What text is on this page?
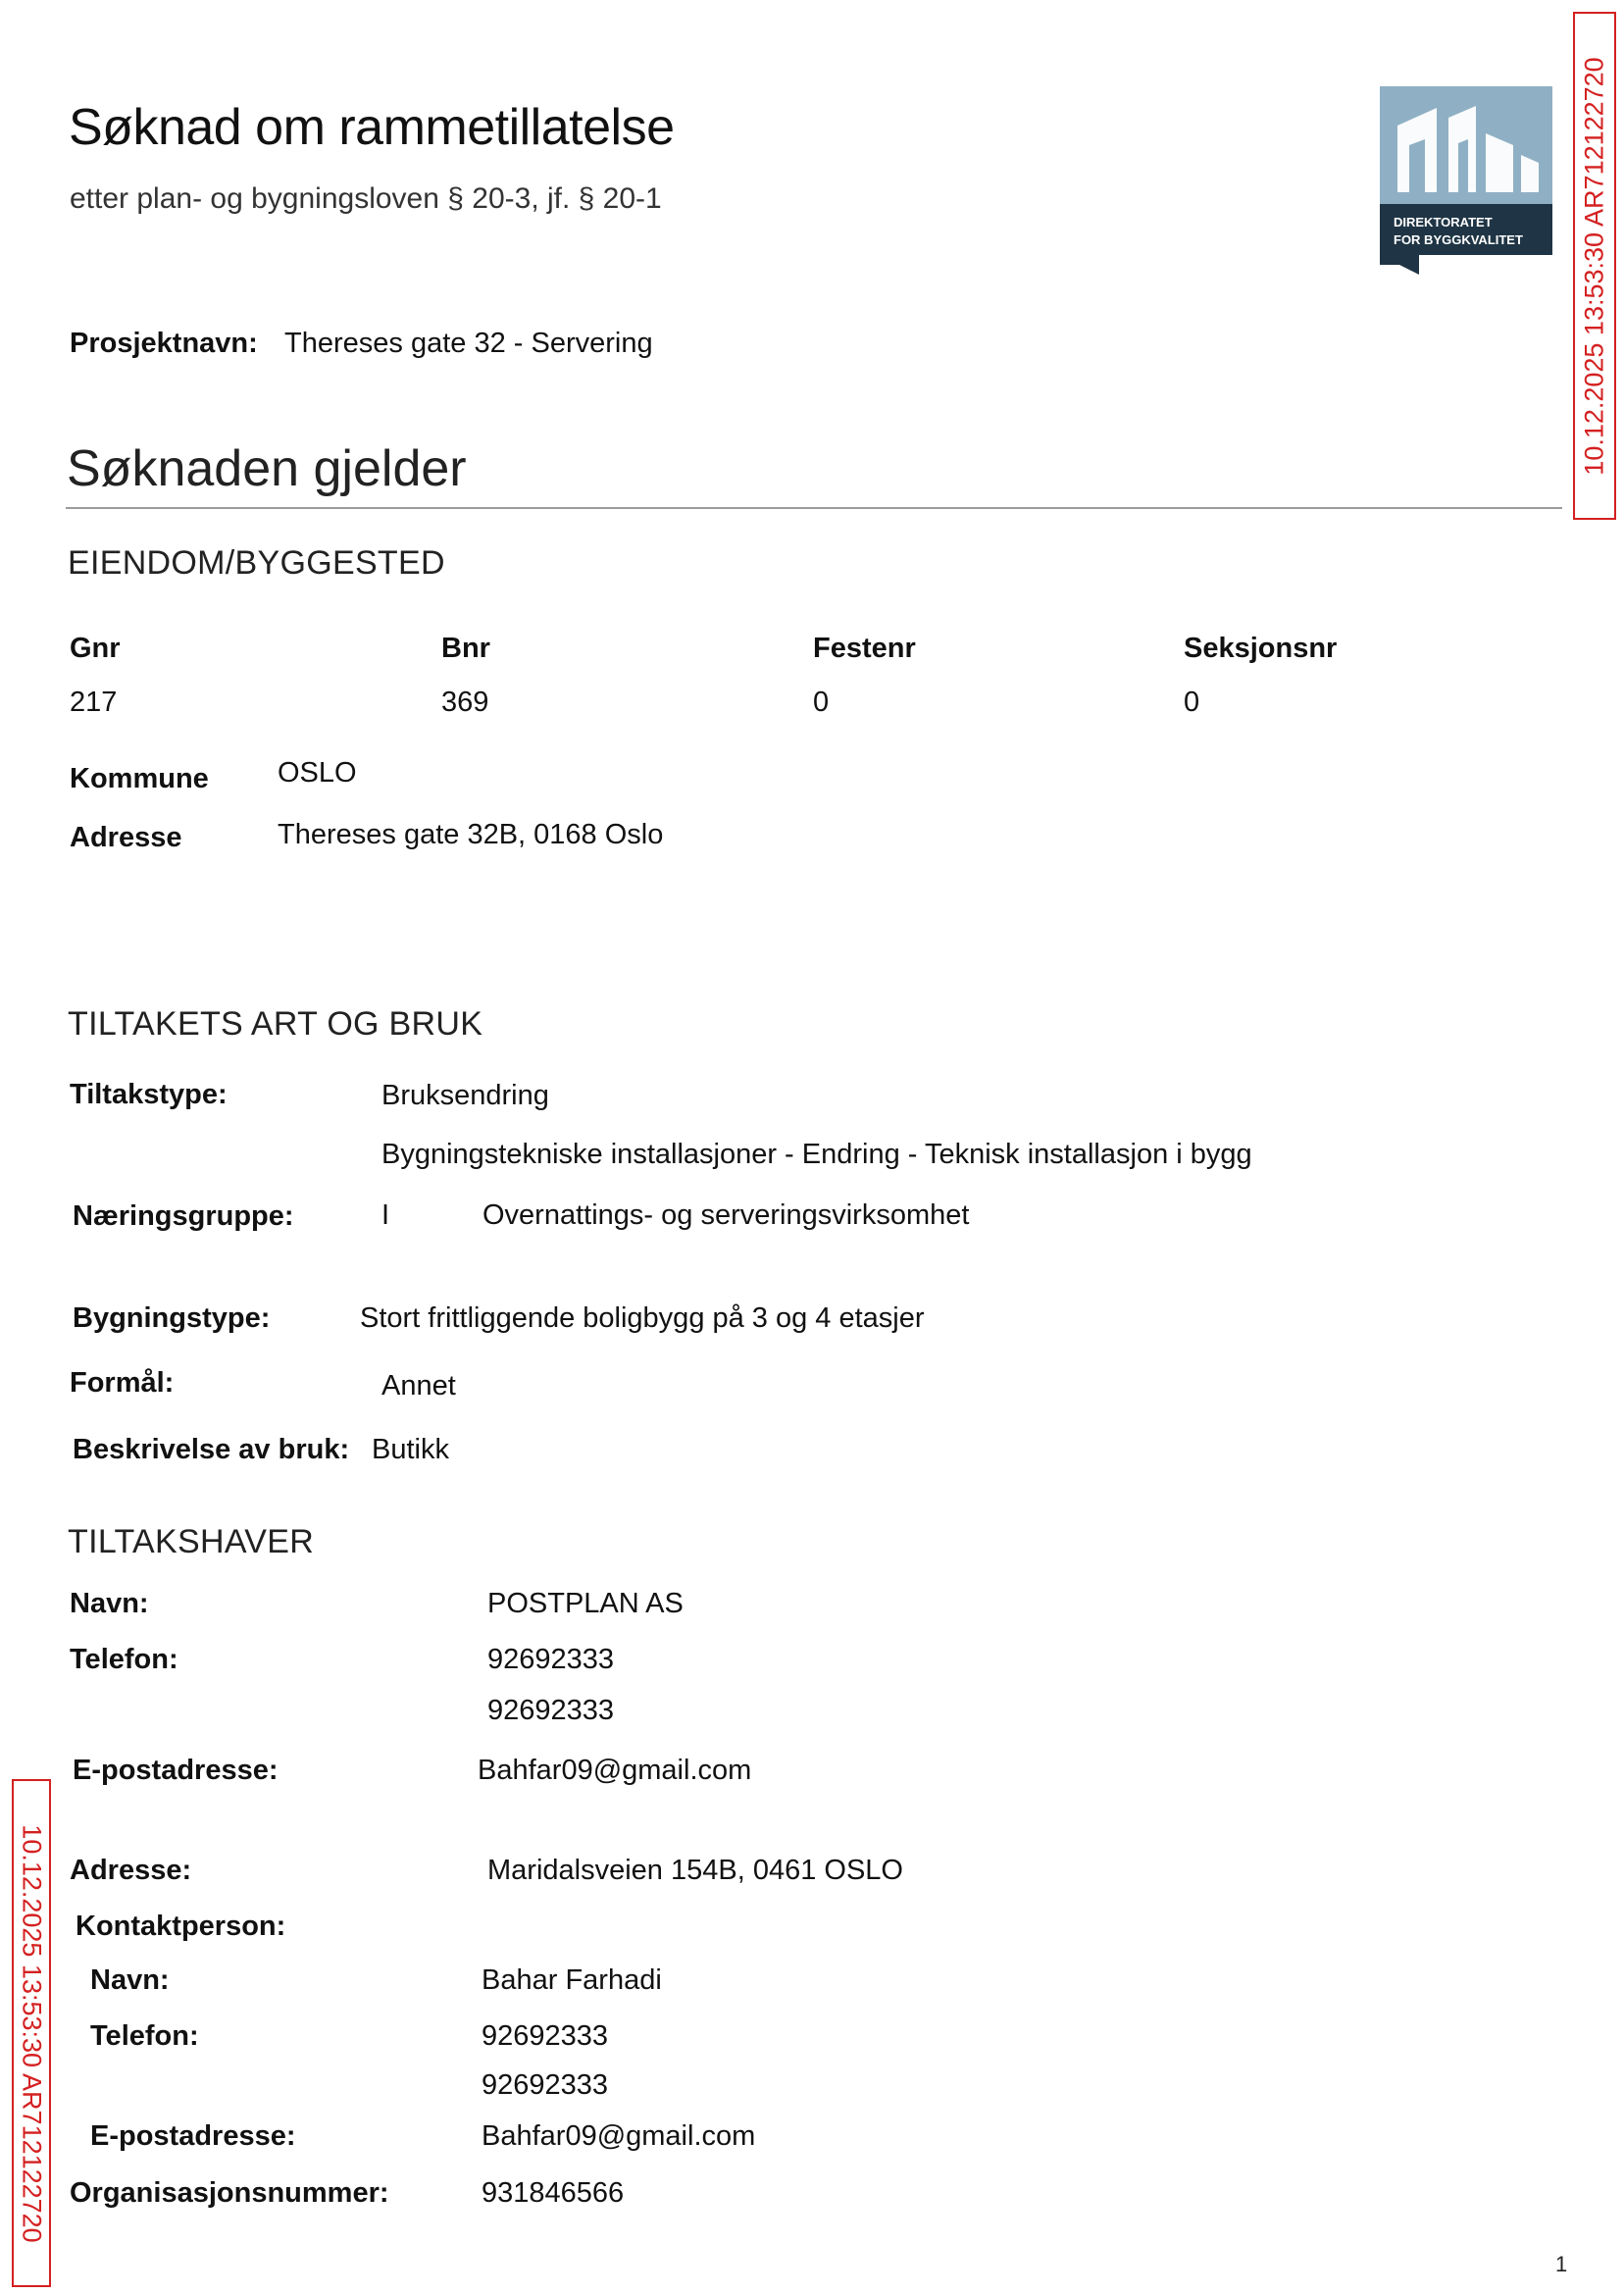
Søknad om rammetillatelse
etter plan- og bygningsloven § 20-3, jf. § 20-1
Prosjektnavn: Thereses gate 32 - Servering
DIREKTORATET
FOR BYGGKVALITET 10.12.2025 13:53:30 AR712122720
10.12.2025 13:53:30 AR712122720
Søknaden gjelder
EIENDOM/BYGGESTED
Gnr	Bnr	Festenr	Seksjonsnr
217	369	0	0
Kommune OSLO
Adresse	Thereses gate 32B, 0168 Oslo
TILTAKETS ART OG BRUK
Tiltakstype:	Bruksendring
Bygningstekniske installasjoner - Endring - Teknisk installasjon i bygg
Næringsgruppe:	I	Overnattings- og serveringsvirksomhet
Bygningstype:	Stort frittliggende boligbygg på 3 og 4 etasjer
Formål:	Annet
Beskrivelse av bruk: Butikk
TILTAKSHAVER
Navn:	POSTPLAN AS
Telefon:	92692333
92692333
E-postadresse:	Bahfar09@gmail.com
Adresse:	Maridalsveien 154B, 0461 OSLO
Kontaktperson:
Navn:	Bahar Farhadi
Telefon:	92692333
92692333
E-postadresse:	Bahfar09@gmail.com
Organisasjonsnummer:	931846566
1
